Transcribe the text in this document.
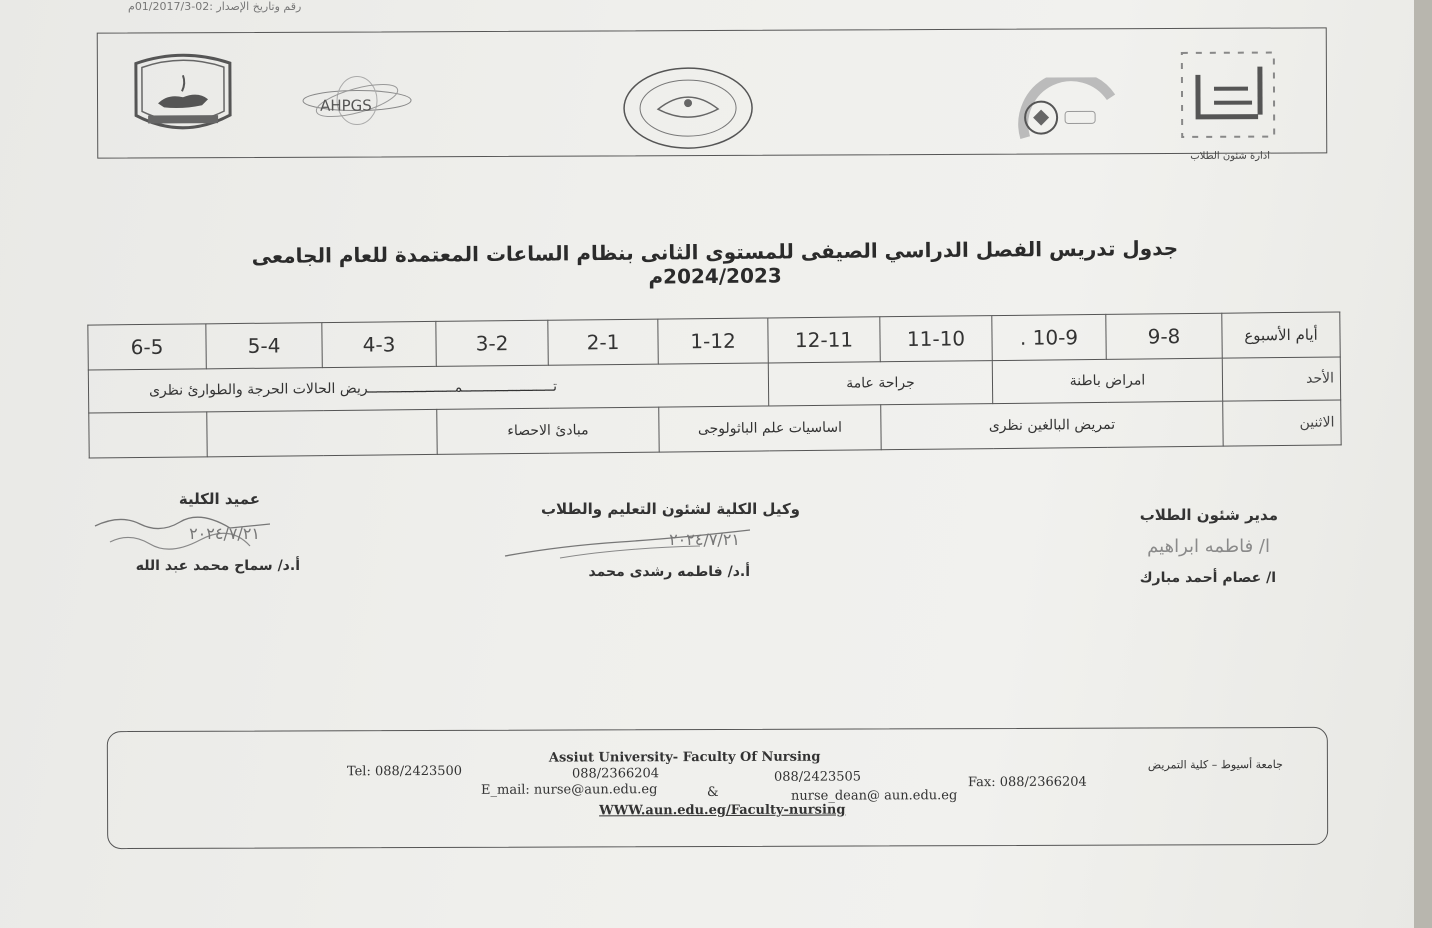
رقم وتاريخ الإصدار :02-01/2017/3م
AHPGS
ادارة شئون الطلاب
جدول تدريس الفصل الدراسي الصيفى للمستوى الثانى بنظام الساعات المعتمدة للعام الجامعى 2024/2023م
أيام الأسبوع	9-8	10-9 .	11-10	12-11	1-12	2-1	3-2	4-3	5-4	6-5
الأحد	امراض باطنة		جراحة عامة		تــــــــــــــــــــــمـــــــــــــــــــــريض الحالات الحرجة والطوارئ نظرى					
الاثنين	تمريض البالغين نظرى			اساسيات علم الباثولوجى		مبادئ الاحصاء				
عميد الكلية
٢٠٢٤/٧/٢١
أ.د/ سماح محمد عبد الله
وكيل الكلية لشئون التعليم والطلاب
٢٠٢٤/٧/٢١
أ.د/ فاطمه رشدى محمد
مدير شئون الطلاب
ا/ فاطمه ابراهيم
ا/ عصام أحمد مبارك
Assiut University- Faculty Of Nursing	جامعة أسيوط – كلية التمريض
Tel: 088/2423500	088/2366204	088/2423505	Fax: 088/2366204
E_mail: nurse@aun.edu.eg	&	nurse_dean@ aun.edu.eg
WWW.aun.edu.eg/Faculty-nursing
